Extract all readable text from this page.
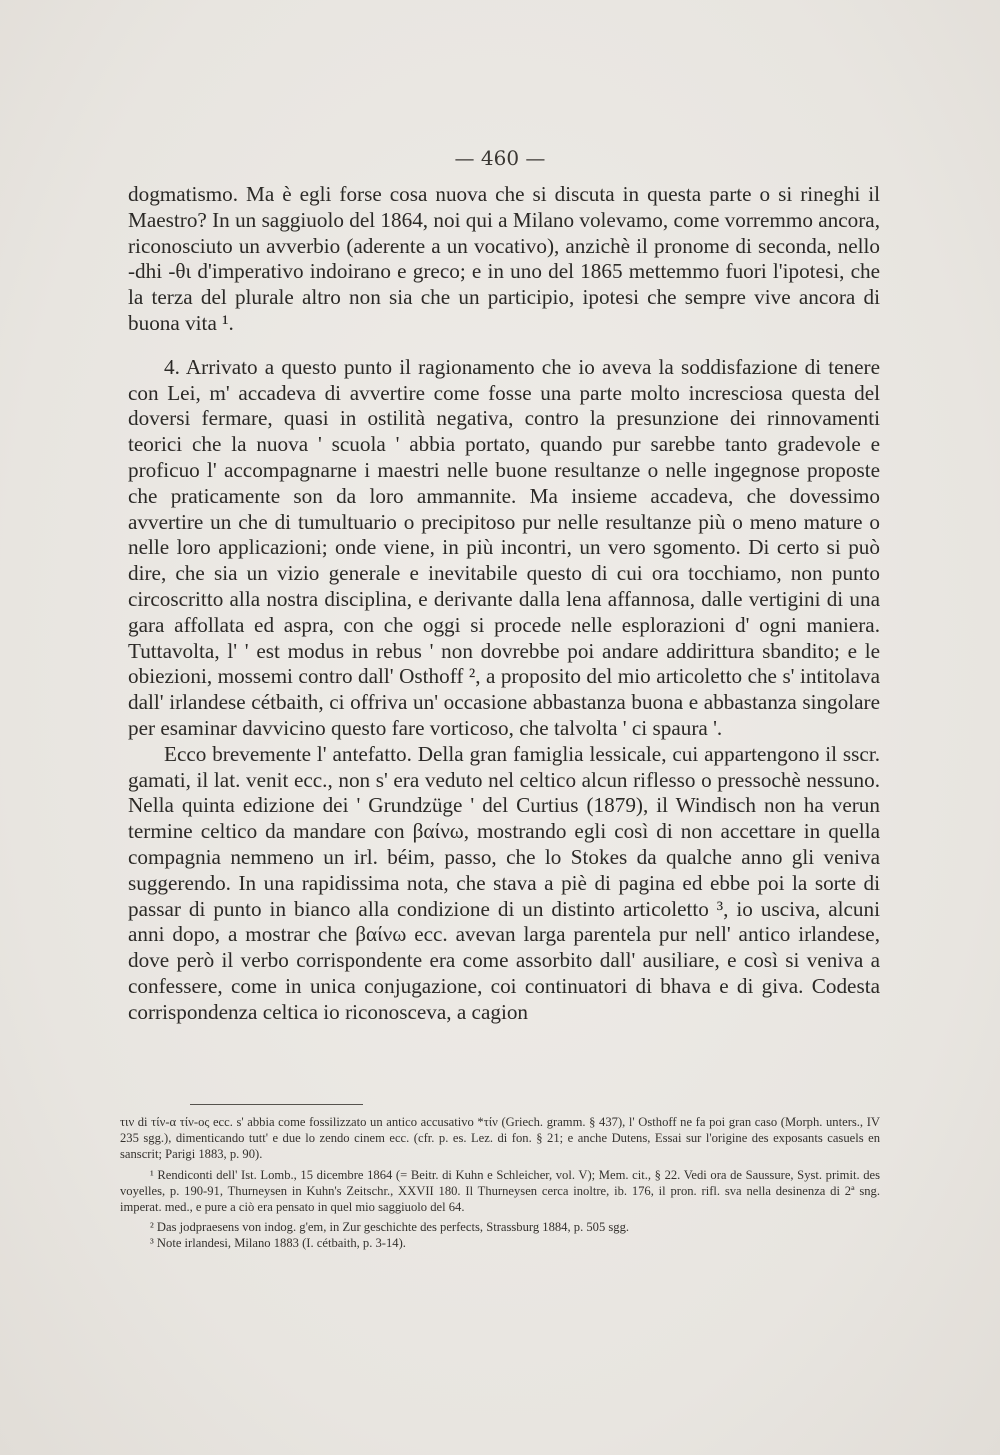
— 460 —

dogmatismo. Ma è egli forse cosa nuova che si discuta in questa parte o si rineghi il Maestro? In un saggiuolo del 1864, noi qui a Milano volevamo, come vorremmo ancora, riconosciuto un avverbio (aderente a un vocativo), anzichè il pronome di seconda, nello -dhi -θι d'imperativo indoirano e greco; e in uno del 1865 mettemmo fuori l'ipotesi, che la terza del plurale altro non sia che un participio, ipotesi che sempre vive ancora di buona vita ¹.

4. Arrivato a questo punto il ragionamento che io aveva la soddisfazione di tenere con Lei, m' accadeva di avvertire come fosse una parte molto incresciosa questa del doversi fermare, quasi in ostilità negativa, contro la presunzione dei rinnovamenti teorici che la nuova ' scuola ' abbia portato, quando pur sarebbe tanto gradevole e proficuo l' accompagnarne i maestri nelle buone resultanze o nelle ingegnose proposte che praticamente son da loro ammannite. Ma insieme accadeva, che dovessimo avvertire un che di tumultuario o precipitoso pur nelle resultanze più o meno mature o nelle loro applicazioni; onde viene, in più incontri, un vero sgomento. Di certo si può dire, che sia un vizio generale e inevitabile questo di cui ora tocchiamo, non punto circoscritto alla nostra disciplina, e derivante dalla lena affannosa, dalle vertigini di una gara affollata ed aspra, con che oggi si procede nelle esplorazioni d' ogni maniera. Tuttavolta, l' ' est modus in rebus ' non dovrebbe poi andare addirittura sbandito; e le obiezioni, mossemi contro dall' Osthoff ², a proposito del mio articoletto che s' intitolava dall' irlandese cétbaith, ci offriva un' occasione abbastanza buona e abbastanza singolare per esaminar davvicino questo fare vorticoso, che talvolta ' ci spaura '.

Ecco brevemente l' antefatto. Della gran famiglia lessicale, cui appartengono il sscr. gamati, il lat. venit ecc., non s' era veduto nel celtico alcun riflesso o pressochè nessuno. Nella quinta edizione dei ' Grundzüge ' del Curtius (1879), il Windisch non ha verun termine celtico da mandare con βαίνω, mostrando egli così di non accettare in quella compagnia nemmeno un irl. béim, passo, che lo Stokes da qualche anno gli veniva suggerendo. In una rapidissima nota, che stava a piè di pagina ed ebbe poi la sorte di passar di punto in bianco alla condizione di un distinto articoletto ³, io usciva, alcuni anni dopo, a mostrar che βαίνω ecc. avevan larga parentela pur nell' antico irlandese, dove però il verbo corrispondente era come assorbito dall' ausiliare, e così si veniva a confessere, come in unica conjugazione, coi continuatori di bhava e di giva. Codesta corrispondenza celtica io riconosceva, a cagion

τιν di τίν-α τίν-ος ecc. s' abbia come fossilizzato un antico accusativo *τίν (Griech. gramm. § 437), l' Osthoff ne fa poi gran caso (Morph. unters., IV 235 sgg.), dimenticando tutt' e due lo zendo cinem ecc. (cfr. p. es. Lez. di fon. § 21; e anche Dutens, Essai sur l'origine des exposants casuels en sanscrit; Parigi 1883, p. 90).

¹ Rendiconti dell' Ist. Lomb., 15 dicembre 1864 (= Beitr. di Kuhn e Schleicher, vol. V); Mem. cit., § 22. Vedi ora de Saussure, Syst. primit. des voyelles, p. 190-91, Thurneysen in Kuhn's Zeitschr., XXVII 180. Il Thurneysen cerca inoltre, ib. 176, il pron. rifl. sva nella desinenza di 2ª sng. imperat. med., e pure a ciò era pensato in quel mio saggiuolo del 64.

² Das jodpraesens von indog. g'em, in Zur geschichte des perfects, Strassburg 1884, p. 505 sgg.

³ Note irlandesi, Milano 1883 (I. cétbaith, p. 3-14).
